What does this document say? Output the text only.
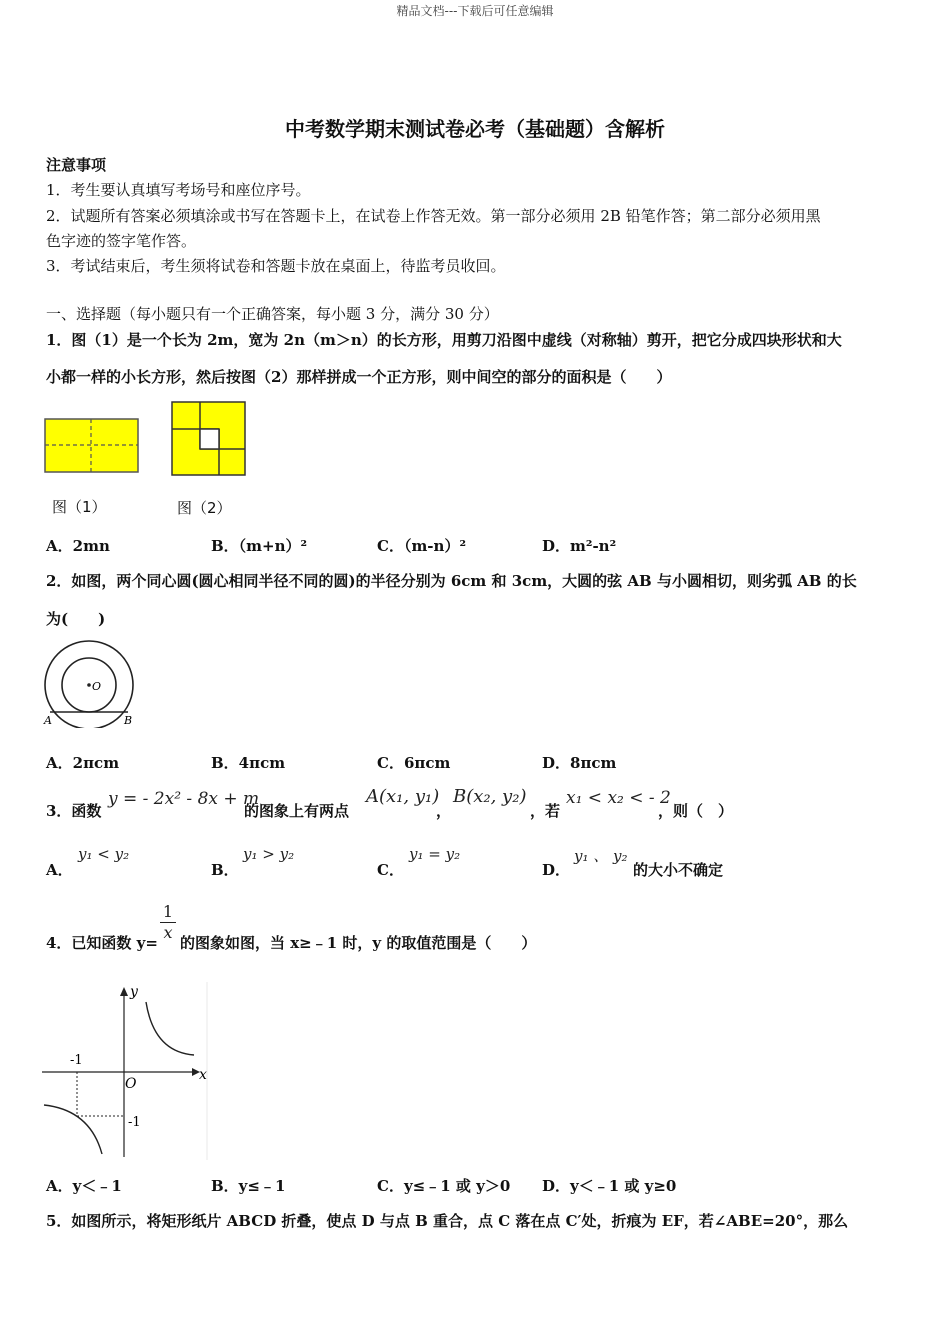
精品文档---下载后可任意编辑
中考数学期末测试卷必考（基础题）含解析
注意事项
1．考生要认真填写考场号和座位序号。
2．试题所有答案必须填涂或书写在答题卡上，在试卷上作答无效。第一部分必须用 2B 铅笔作答；第二部分必须用黑
色字迹的签字笔作答。
3．考试结束后，考生须将试卷和答题卡放在桌面上，待监考员收回。
一、选择题（每小题只有一个正确答案，每小题 3 分，满分 30 分）
1．图（1）是一个长为 2m，宽为 2n（m＞n）的长方形，用剪刀沿图中虚线（对称轴）剪开，把它分成四块形状和大
小都一样的小长方形，然后按图（2）那样拼成一个正方形，则中间空的部分的面积是（　　）
图（1）	图（2）
A．2mn	B．（m+n）²	C．（m-n）²	D．m²-n²
2．如图，两个同心圆(圆心相同半径不同的圆)的半径分别为 6cm 和 3cm，大圆的弦 AB 与小圆相切，则劣弧 AB 的长
为(　　)
O
A	B
A．2πcm	B．4πcm	C．6πcm	D．8πcm
3．函数
y = - 2x² - 8x + m
的图象上有两点
A(x₁, y₁)
，
B(x₂, y₂)
，若
x₁ < x₂ < - 2
，则（　）
A．
y₁ < y₂
B．
y₁ > y₂
C．
y₁ = y₂
D．
y₁ 、 y₂
的大小不确定
4．已知函数 y=
1
x
的图象如图，当 x≥﹣1 时，y 的取值范围是（　　）
y
x
O
-1
-1
A．y＜﹣1	B．y≤﹣1	C．y≤﹣1 或 y＞0 D．y＜﹣1 或 y≥0
5．如图所示，将矩形纸片 ABCD 折叠，使点 D 与点 B 重合，点 C 落在点 C′处，折痕为 EF，若∠ABE=20°，那么
